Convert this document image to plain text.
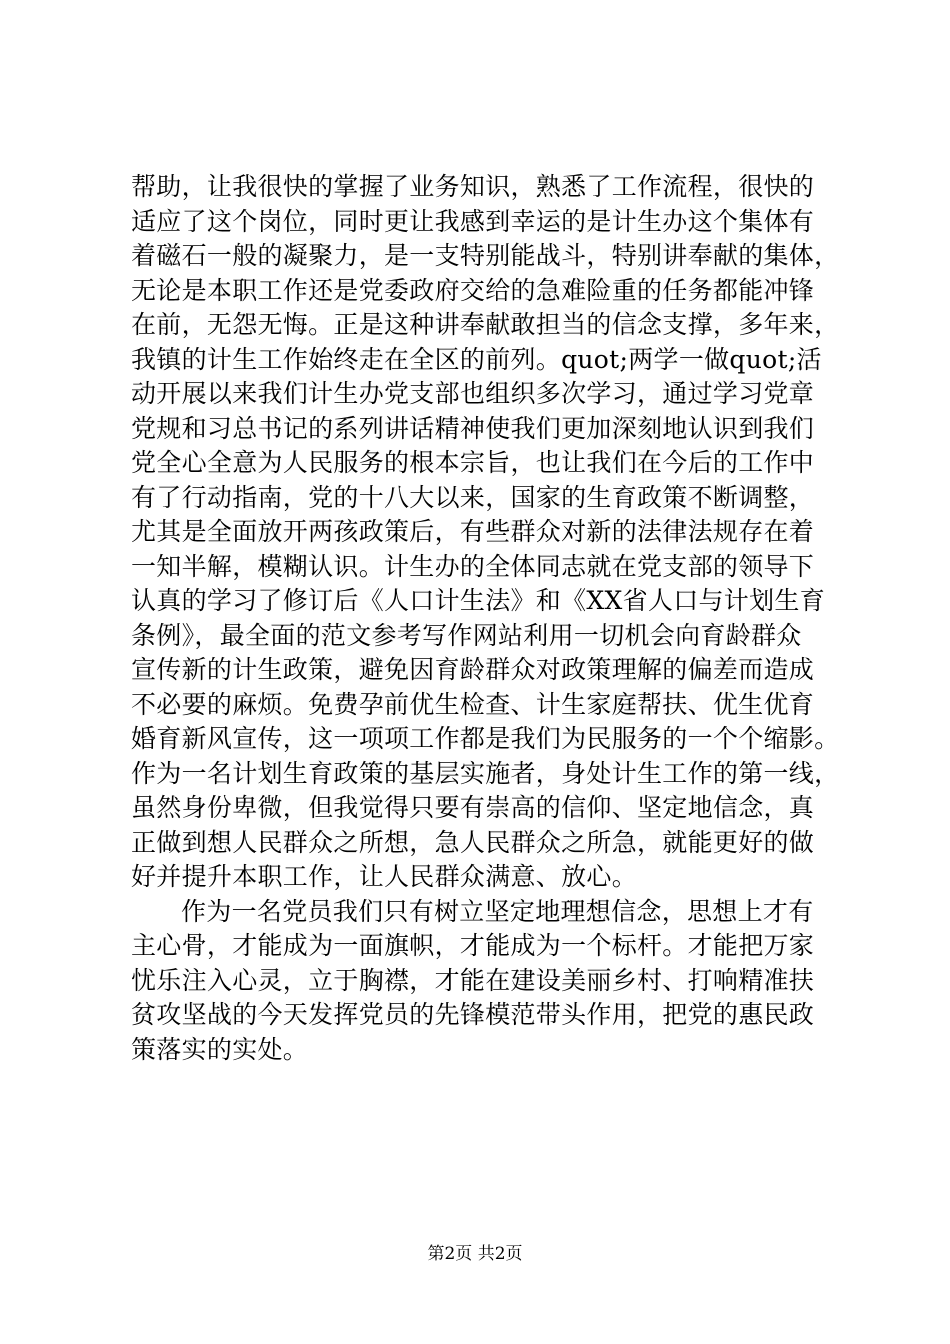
帮助，让我很快的掌握了业务知识，熟悉了工作流程，很快的
适应了这个岗位，同时更让我感到幸运的是计生办这个集体有
着磁石一般的凝聚力，是一支特别能战斗，特别讲奉献的集体，
无论是本职工作还是党委政府交给的急难险重的任务都能冲锋
在前，无怨无悔。正是这种讲奉献敢担当的信念支撑，多年来，
我镇的计生工作始终走在全区的前列。quot;两学一做quot;活
动开展以来我们计生办党支部也组织多次学习，通过学习党章
党规和习总书记的系列讲话精神使我们更加深刻地认识到我们
党全心全意为人民服务的根本宗旨，也让我们在今后的工作中
有了行动指南，党的十八大以来，国家的生育政策不断调整，
尤其是全面放开两孩政策后，有些群众对新的法律法规存在着
一知半解，模糊认识。计生办的全体同志就在党支部的领导下
认真的学习了修订后《人口计生法》和《XX省人口与计划生育
条例》，最全面的范文参考写作网站利用一切机会向育龄群众
宣传新的计生政策，避免因育龄群众对政策理解的偏差而造成
不必要的麻烦。免费孕前优生检查、计生家庭帮扶、优生优育
婚育新风宣传，这一项项工作都是我们为民服务的一个个缩影。
作为一名计划生育政策的基层实施者，身处计生工作的第一线，
虽然身份卑微，但我觉得只要有崇高的信仰、坚定地信念，真
正做到想人民群众之所想，急人民群众之所急，就能更好的做
好并提升本职工作，让人民群众满意、放心。
作为一名党员我们只有树立坚定地理想信念，思想上才有
主心骨，才能成为一面旗帜，才能成为一个标杆。才能把万家
忧乐注入心灵，立于胸襟，才能在建设美丽乡村、打响精准扶
贫攻坚战的今天发挥党员的先锋模范带头作用，把党的惠民政
策落实的实处。
第2页 共2页
